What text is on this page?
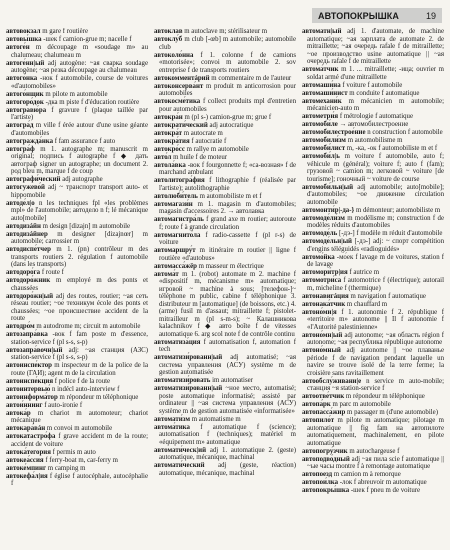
АВТОПОКРЫШКА	19

автовокза́л m gare f routière

автовы́шка -шек f camion-grue m; nacelle f

автоге́н m découpage m «soudage m» au chalumeau; chalumeau m

автоге́нн|ый adj autogène: ~ая сварка soudage autogène; ~ая резка découpage au chalumeau

автого́нка -нок f automobile, course de voitures «d'automobiles»

автого́нщик m pilote m automobile

автогоро́док -дка m piste f d'éducation routière

автогравю́ра f gravure f (plaque taillée par l'artiste)

автогра́д m ville f érée autour d'une usine géante d'automobiles

автогражда́нка f fam assurance f auto

автогра́ф m 1. autographe m; manuscrit m original; подпись f autographe f ◆ дать автограф signer un autographe; un document 2. род bleu m, marque f de coup

автографи́ческий adj autographe

автогужево́й adj ~ транспорт transport auto- et hippomobile

автоде́л|о n les techniques fpl «les problèmes mpl» de l'automobile; автодело n f; lé mécanique auto[mobile]

автодизáйн m design [dizajn] m automobile

автодизáйнер m designer [dizajnœr] m automobile; carrossier m

автодиспе́тчер m 1. (pn) contrôleur m des transports routiers 2. régulation f automobile (dans les transports)

автодоро́га f route f

автодоро́жник m employé m des ponts et chaussées

автодоро́жн|ый adj des routes, routier; ~ая сеть réseau routier; ~ое техникум école des ponts et chaussées; ~ое происшествие accident de la route

автодро́м m autodrome m; circuit m automobile

автозапра́вка -вок f fam poste m d'essence, station-service f (pl s-s, s-p)

автозапра́вочн|ый adj: ~ая станция (АЗС) station-service f (pl s-s, s-p)

автоинспе́ктор m inspecteur m de la police de la route (ГАИ); agent m de la circulation

автоинспе́кция f police f de la route

автоинтервью́ n indécl auto-interview f

автоинформа́тор m répondeur m téléphonique

автои́ннинг f auto-ironie f

автока́р m chariot m automoteur; chariot mécanique

автокара́вáн m convoi m automobile

автокатастро́фа f grave accident m de la route; accident de voiture

автока́тегория f permis m auto

автокеа́сcия f ferry-boat m, car-ferry m

автоке́мпинг m camping m

автокефа́л|ия f église f autocéphale, autocéphalie f

автокла́в m autoclave m; stérilisateur m

автоклу́б m club [-œb] m automobile; automobile club

автоколо́нна f 1. colonne f de camions «motorisée»; convoi m automobile 2. sov entreprise f de transports routiers

автокомментáрий m commentaire m de l'auteur

автоконсерва́нт m produit m anticorrosion pour automobiles

автокосме́тика f collect produits mpl d'entretien pour automobiles

автокра́н m (pl s-) camion-grue m; grue f

автократи́ческий adj autocratique

автокра́т m autocrate m

автокра́тия f autocratie f

автокро́сс m rallye m automobile

авто́л m huile f de moteur

автола́вка -вок f fourgonnette f; «са-возная» f de marchand ambulant

автолитогра́фия f lithographie f (réalisée par l'artiste); autolithographie

автолюби́тель m automobiliste m et f

автомагази́н m 1. magasin m d'automobiles; magasin d'accessoires 2. → автолавка

автомагистра́ль f grand axe m routier; autoroute f; route f à grande circulation

автомагнито́ла f radio-cassette f (pl r-s) de voiture

автомаршру́т m itinéraire m routier || ligne f routière «d'autobus»

автомасса́жёр m masseur m électrique

автома́т m 1. (robot) automate m 2. machine f «dispositif m, mécanisme m» automatique; игровой ~ machine à sous; [телефон-]~ téléphone m public, cabine f téléphonique 3. distributeur m [automatique] (de boissons, etc.) 4. (arme) fusil m d'assaut; mitraillette f; pistolet-mitrailleur m (pl s-m-s); ~ Калашникова kalachnikov f ◆ авто boîte f de vitesses automatique 6. arg scol note f de contrôle continu

автоматиза́ция f automatisation f, automation f tech

автоматизи́рованн|ый adj automatisé; ~ая система управления (АСУ) système m de gestion automatisée

автоматизи́ровать im automatiser

автоматизи́рованн|ый ~ное место, automatisé; poste automatique informatisé; assisté par ordinateur || ~ая система управления (АСУ) système m de gestion automatisée «informatisée»

автомати́зм m automatisme m

автома́тика f automatique f (science); automatisation f (techniques); matériel m «équipement m» automatique

автомати́ческ|ий adj 1. automatique 2. (geste) automatique, mécanique, machinal

автомати́ческий adj (geste, réaction) automatique, mécanique, machinal

автома́тн|ый adj 1. d'automate, de machine automatique; ~ая зарплата de automate 2. de mitraillette; ~ая очередь rafale f de mitraillette; ~ое производство usine automatique || ~ая очередь rafale f de mitraillette

автома́тчик m 1. ... mitraillette; -ица; ouvrier m soldat armé d'une mitraillette

автомаши́на f voiture f automobile

автомаши́нист m conduite f automatique

автомехани́к m mécanicien m automobile; mécanicien-auto m

автометри́я f métrologie f automatique

автомоби́ле → автомобилестроение

автомобилестрое́ние n construction f automobile

автомобили́зм m automobilisme m

автомоби́лист m, -ка, -ок f automobiliste m et f

автомоби́л|ь m voiture f automobile, auto f; véhicule m (général); voiture f; auto f (fam); грузовой ~ camion m; легковой ~ voiture [de tourisme]; гоночный ~ voiture de course

автомоби́льн|ый adj automobile; auto[mobile]; d'automobiles; ~ое движение circulation automobile

автомонти́р|-да-} m démonteur; automobiliste m

автомоде́ли́зм m modélisme m; construction f de modèles réduits d'automobiles

автомоде́ль [-дэ-] f modèle m réduit d'automobile

автомоде́льн|ый [-дэ-] adj: ~ спорт compétition d'engins téléguidés «radioguidés»

автомо́йка -мо́ек f lavage m de voitures, station f de lavage

автомори́тр|ия f autrice m

автомотри́са f automotrice f (électrique); autorail m, micheline f (thermique)

автонавигáция m navigation f automatique

автонака́тчик m chauffard m

автоно́ми|я f 1. autonomie f 2. république f «territoire m» autonome || Il f autonomie f «l'Autorité palestinienne»

автоно́мн|ый adj autonome; ~ая область région f autonome; ~ая республика république autonome

автоно́мный adj autonome || ~ое плаванье période f de navigation pendant laquelle un navire se trouve isolé de la terre ferme; la croisière sans ravitaillement

автообслу́живани|е n service m auto-mobile; станция ~я station-service f

автоотве́тчик m répondeur m téléphonique

автопа́рк m parc m automobile

автопасса́жир m passager m (d'une automobile)

автопило́т m pilote m automatique; pilotage m automatique || fig fam на автопилоте automatiquement, machinalement, en pilote automatique

автопогру́зчик m autochargeuse f

автоподво́дный adj ~ая пила scie f automatique || ~ые часы montre f à remontage automatique

автопоезд m camion m à remorque

автопои́лка -лок f abreuvoir m automatique

автопокры́шка -шек f pneu m de voiture
